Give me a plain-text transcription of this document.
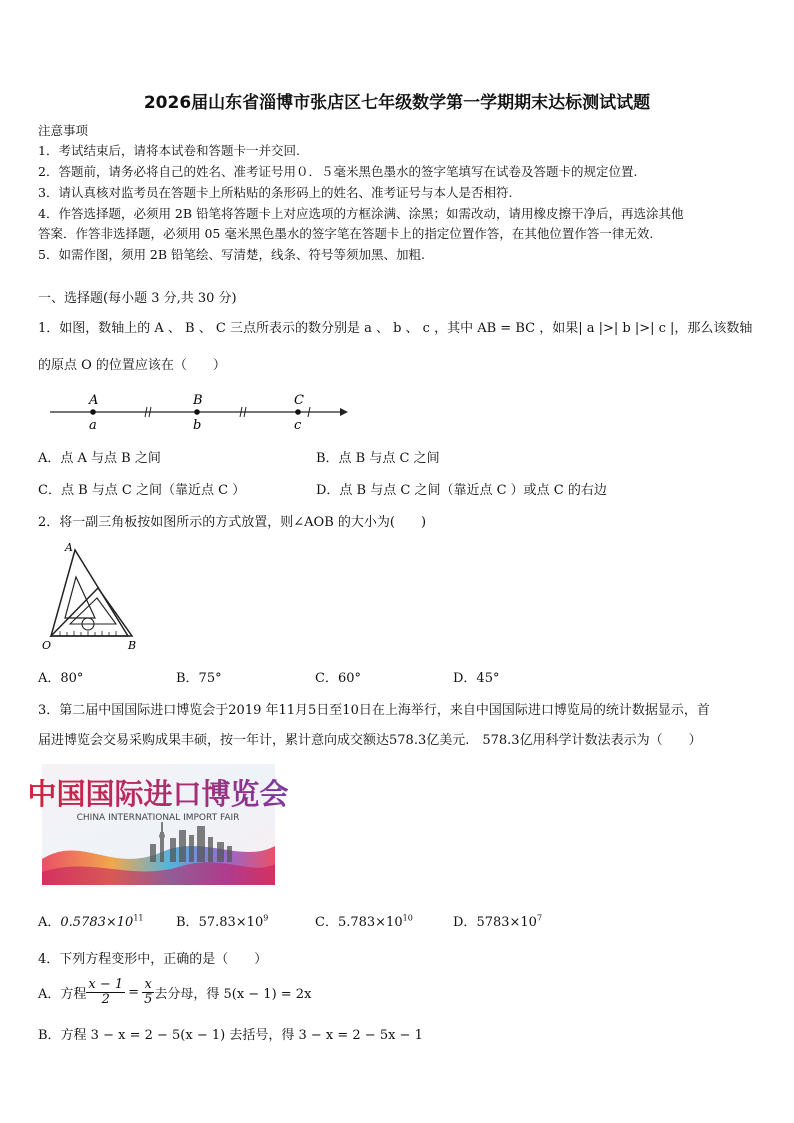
2026届山东省淄博市张店区七年级数学第一学期期末达标测试试题
注意事项
1．考试结束后，请将本试卷和答题卡一并交回.
2．答题前，请务必将自己的姓名、准考证号用０．５毫米黑色墨水的签字笔填写在试卷及答题卡的规定位置.
3．请认真核对监考员在答题卡上所粘贴的条形码上的姓名、准考证号与本人是否相符.
4．作答选择题，必须用 2B 铅笔将答题卡上对应选项的方框涂满、涂黑；如需改动，请用橡皮擦干净后，再选涂其他
答案．作答非选择题，必须用 05 毫米黑色墨水的签字笔在答题卡上的指定位置作答，在其他位置作答一律无效.
5．如需作图，须用 2B 铅笔绘、写清楚，线条、符号等须加黑、加粗.
一、选择题(每小题 3 分,共 30 分)
1．如图，数轴上的 A 、 B 、 C 三点所表示的数分别是 a 、 b 、 c ，其中 AB = BC ，如果| a |>| b |>| c |，那么该数轴
的原点 O 的位置应该在（　　）
A	B	C
a	b	c
A．点 A 与点 B 之间	B．点 B 与点 C 之间
C．点 B 与点 C 之间（靠近点 C ）	D．点 B 与点 C 之间（靠近点 C ）或点 C 的右边
2．将一副三角板按如图所示的方式放置，则∠AOB 的大小为(　　)
A
O	B
A．80°	B．75°	C．60°	D．45°
3．第二届中国国际进口博览会于2019 年11月5日至10日在上海举行，来自中国国际进口博览局的统计数据显示，首
届进博览会交易采购成果丰硕，按一年计，累计意向成交额达578.3亿美元.　578.3亿用科学计数法表示为（　　）
中国国际进口博览会
CHINA INTERNATIONAL IMPORT FAIR
A．$0.5783\times 10^{11}$	B．$57.83\times 10^9$	C．$5.783\times 10^{10}$	D．$5783\times 10^7$
4．下列方程变形中，正确的是（　　）
A．方程 $\frac{x - 1}{2} = \frac{x}{5}$ 去分母，得 5(x − 1) = 2x
B．方程 3 − x = 2 − 5(x − 1) 去括号，得 3 − x = 2 − 5x − 1
